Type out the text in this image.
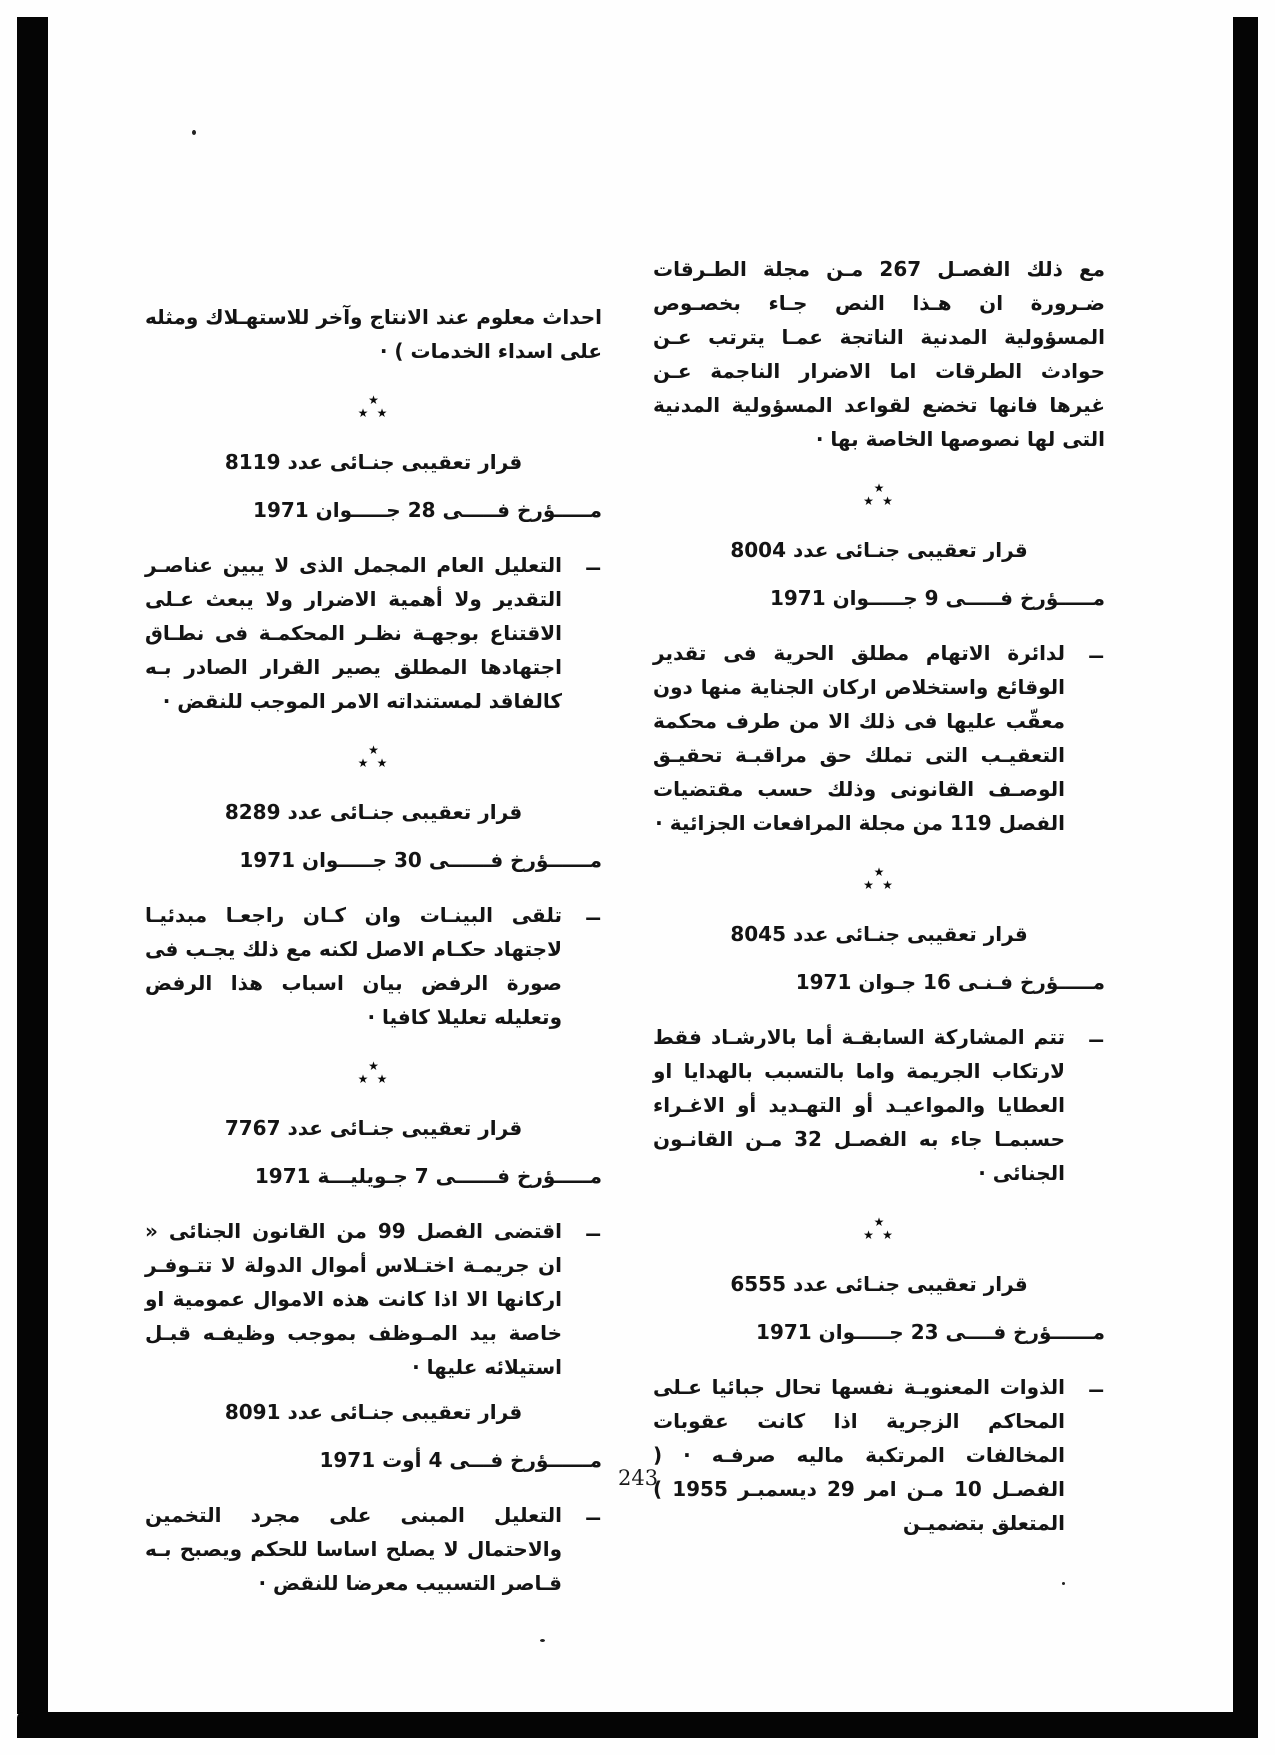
مع ذلك الفصـل 267 مـن مجلة الطـرقات ضـرورة ان هـذا النص جـاء بخصـوص المسؤولية المدنية الناتجة عمـا يترتب عـن حوادث الطرقات اما الاضرار الناجمة عـن غيرها فانها تخضع لقواعد المسؤولية المدنية التى لها نصوصها الخاصة بها ·

★
★ ★

قرار تعقيبى جنـائى عدد 8004

مـــــؤرخ فـــــى 9 جـــــوان 1971

ــ
لدائرة الاتهام مطلق الحرية فى تقدير الوقائع واستخلاص اركان الجناية منها دون معقّب عليها فى ذلك الا من طرف محكمة التعقيـب التى تملك حق مراقبـة تحقيـق الوصـف القانونى وذلك حسب مقتضيات الفصل 119 من مجلة المرافعات الجزائية ·

★
★ ★

قرار تعقيبى جنـائى عدد 8045

مـــــؤرخ فـنـى 16 جـوان 1971

ــ
تتم المشاركة السابقـة أما بالارشـاد فقط لارتكاب الجريمة واما بالتسبب بالهدايا او العطايا والمواعيـد أو التهـديد أو الاغـراء حسبمـا جاء به الفصـل 32 مـن القانـون الجنائى ·

★
★ ★

قرار تعقيبى جنـائى عدد 6555

مــــــؤرخ فــــى 23 جـــــوان 1971

ــ
الذوات المعنويـة نفسها تحال جبائيا عـلى المحاكم الزجرية اذا كانت عقوبات المخالفات المرتكبة ماليه صرفـه · ( الفصـل 10 مـن امر 29 ديسمبـر 1955 ) المتعلق بتضميـن

احداث معلوم عند الانتاج وآخر للاستهـلاك ومثله على اسداء الخدمات ) ·

★
★ ★

قرار تعقيبى جنـائى عدد 8119

مـــــؤرخ فـــــى 28 جـــــوان 1971

ــ
التعليل العام المجمل الذى لا يبين عناصـر التقدير ولا أهمية الاضرار ولا يبعث عـلى الاقتناع بوجهـة نظـر المحكمـة فى نطـاق اجتهادها المطلق يصير القرار الصادر بـه كالفاقد لمستنداته الامر الموجب للنقض ·

★
★ ★

قرار تعقيبى جنـائى عدد 8289

مــــــؤرخ فــــــى 30 جـــــوان 1971

ــ
تلقى البينـات وان كـان راجعـا مبدئيـا لاجتهاد حكـام الاصل لكنه مع ذلك يجـب فى صورة الرفض بيان اسباب هذا الرفض وتعليله تعليلا كافيا ·

★
★ ★

قرار تعقيبى جنـائى عدد 7767

مـــــؤرخ فــــــى 7 جـويليـــة 1971

ــ
اقتضى الفصل 99 من القانون الجنائى « ان جريمـة اختـلاس أموال الدولة لا تتـوفـر اركانها الا اذا كانت هذه الاموال عمومية او خاصة بيد المـوظف بموجب وظيفـه قبـل استيلائه عليها ·

قرار تعقيبى جنـائى عدد 8091

مــــــؤرخ فـــى 4 أوت 1971

ــ
التعليل المبنى على مجرد التخمين والاحتمال لا يصلح اساسا للحكم ويصبح بـه قـاصر التسبيب معرضا للنقض ·

243
